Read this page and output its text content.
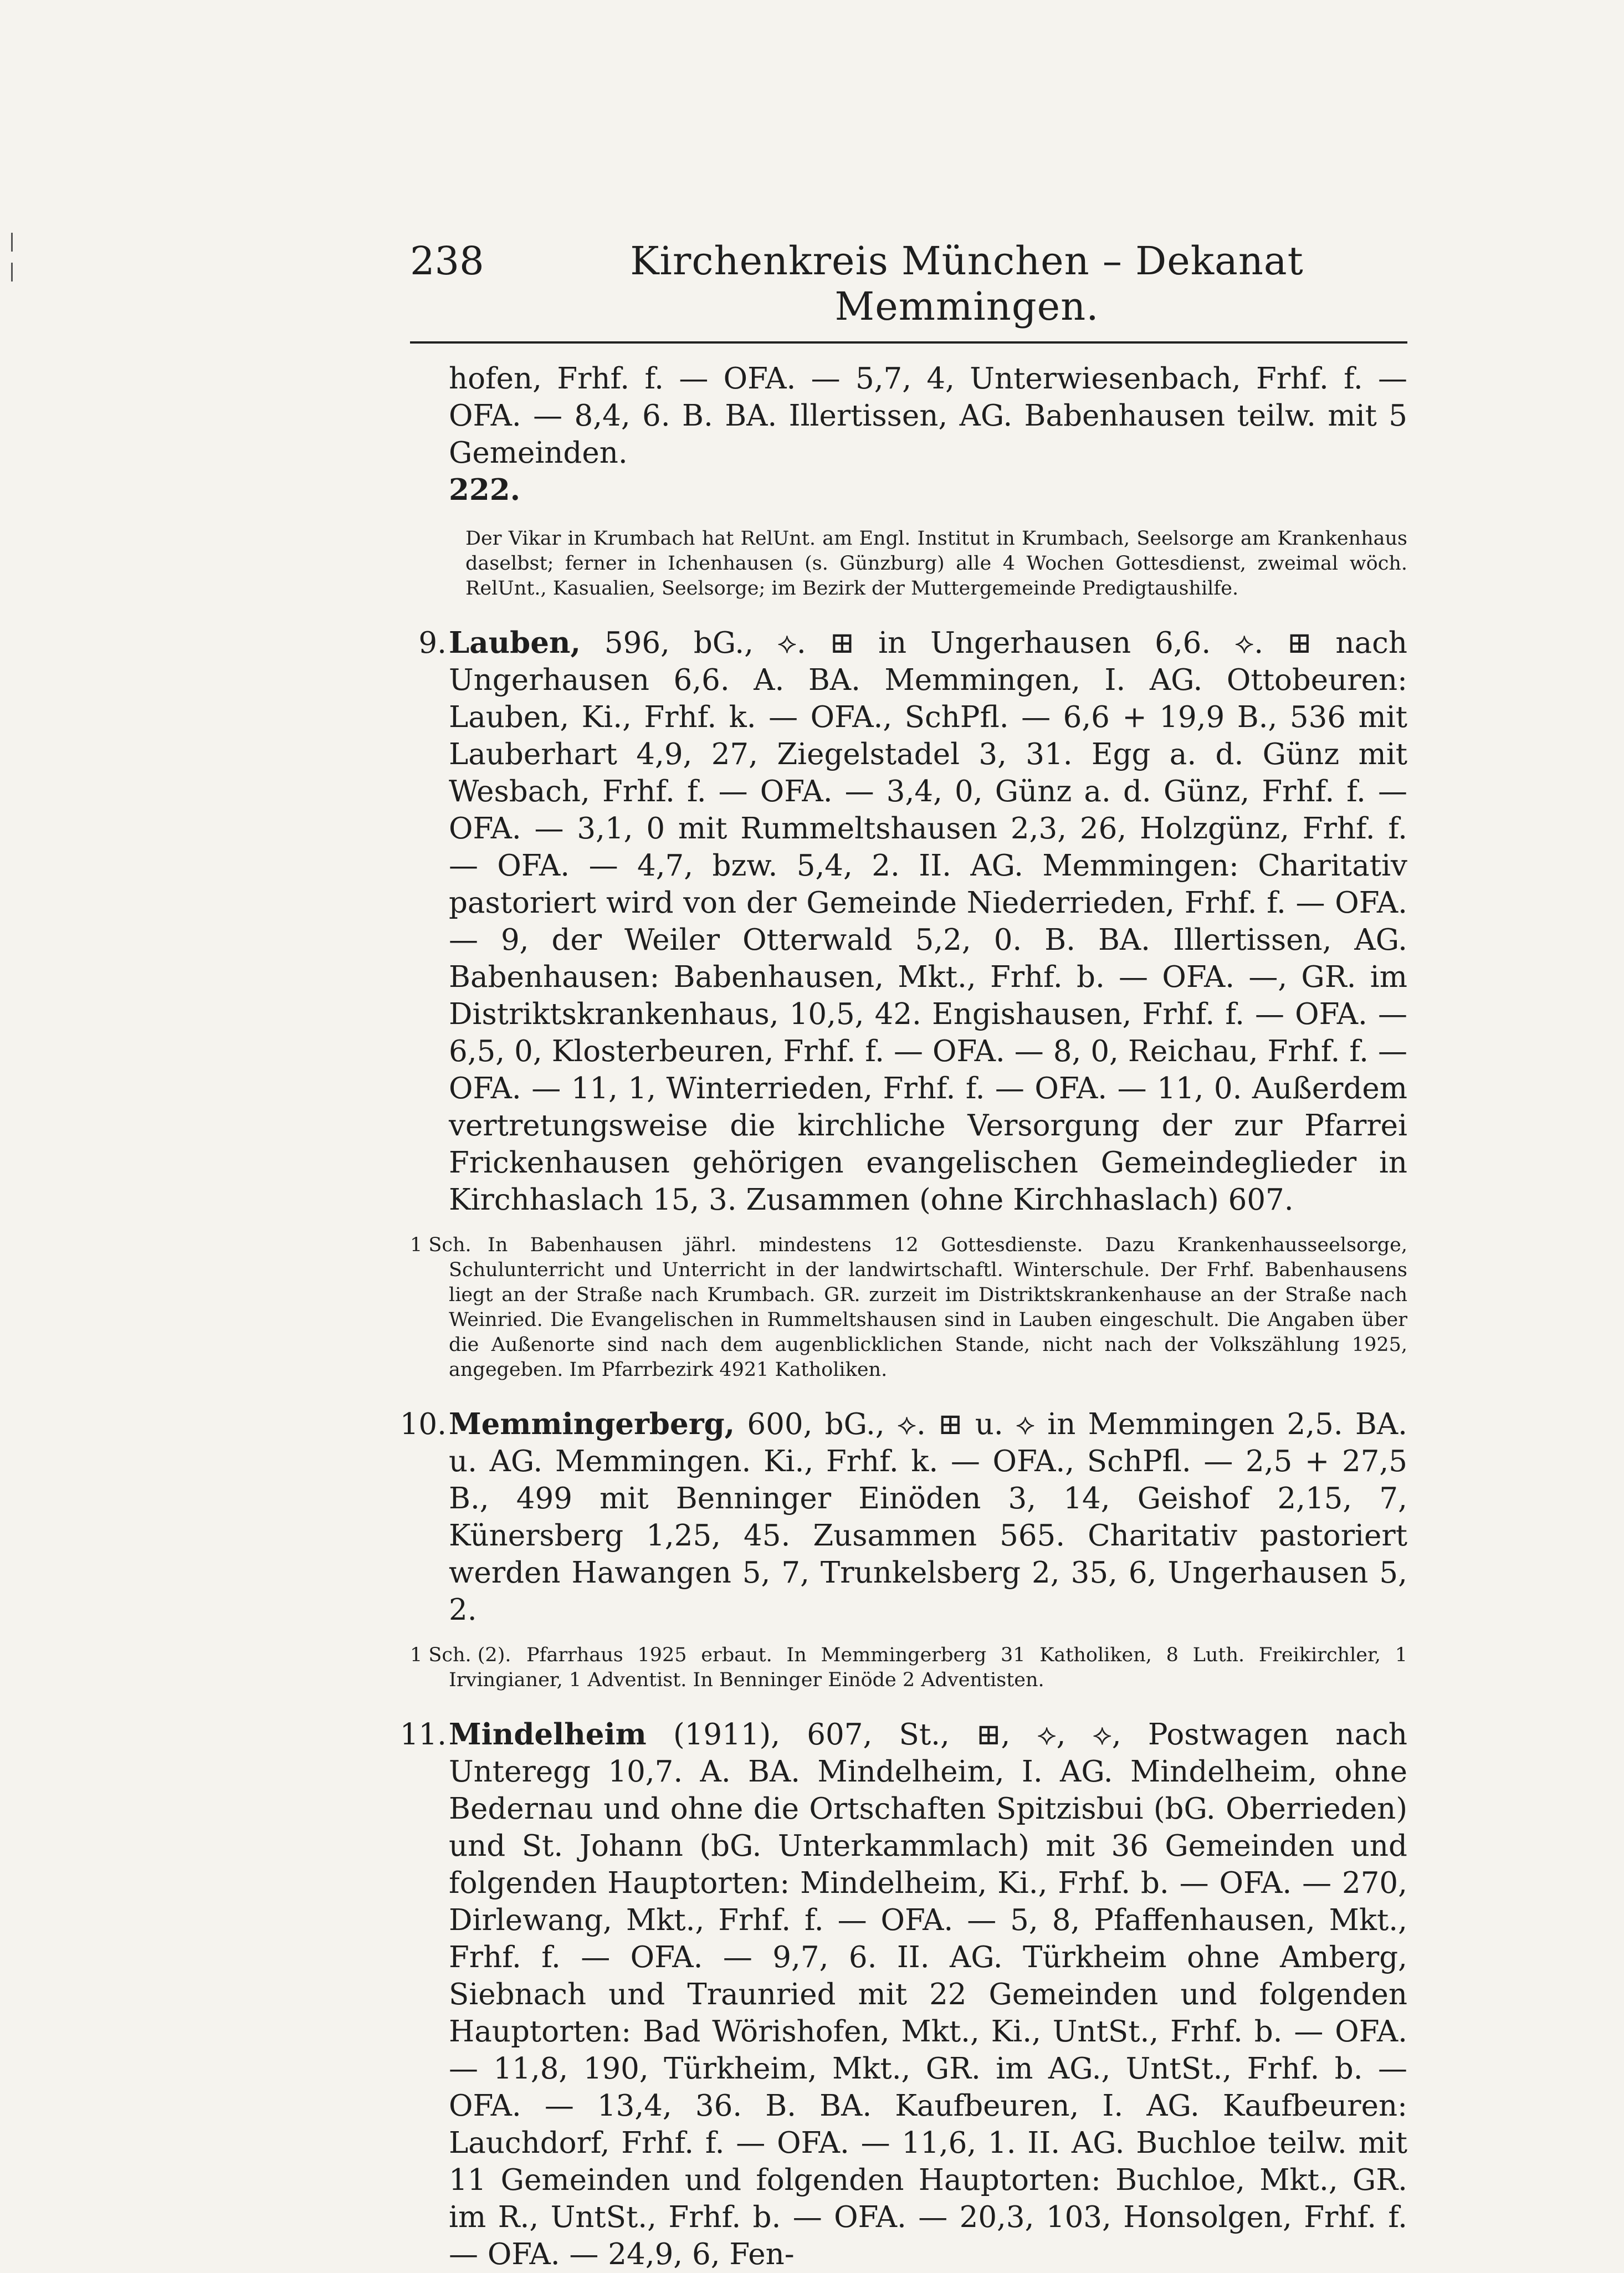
238	Kirchenkreis München – Dekanat Memmingen.
hofen, Frhf. f. — OFA. — 5,7, 4, Unterwiesenbach, Frhf. f. — OFA. — 8,4, 6. B. BA. Illertissen, AG. Babenhausen teilw. mit 5 Gemeinden.
222.
Der Vikar in Krumbach hat RelUnt. am Engl. Institut in Krumbach, Seelsorge am Krankenhaus daselbst; ferner in Ichenhausen (s. Günzburg) alle 4 Wochen Gottesdienst, zweimal wöch. RelUnt., Kasualien, Seelsorge; im Bezirk der Muttergemeinde Predigtaushilfe.
9. Lauben, 596, bG., ⟡. ⊞ in Ungerhausen 6,6. ⟡. ⊞ nach Ungerhausen 6,6. A. BA. Memmingen, I. AG. Ottobeuren: Lauben, Ki., Frhf. k. — OFA., SchPfl. — 6,6 + 19,9 B., 536 mit Lauberhart 4,9, 27, Ziegelstadel 3, 31. Egg a. d. Günz mit Wesbach, Frhf. f. — OFA. — 3,4, 0, Günz a. d. Günz, Frhf. f. — OFA. — 3,1, 0 mit Rummeltshausen 2,3, 26, Holzgünz, Frhf. f. — OFA. — 4,7, bzw. 5,4, 2. II. AG. Memmingen: Charitativ pastoriert wird von der Gemeinde Niederrieden, Frhf. f. — OFA. — 9, der Weiler Otterwald 5,2, 0. B. BA. Illertissen, AG. Babenhausen: Babenhausen, Mkt., Frhf. b. — OFA. —, GR. im Distriktskrankenhaus, 10,5, 42. Engishausen, Frhf. f. — OFA. — 6,5, 0, Klosterbeuren, Frhf. f. — OFA. — 8, 0, Reichau, Frhf. f. — OFA. — 11, 1, Winterrieden, Frhf. f. — OFA. — 11, 0. Außerdem vertretungsweise die kirchliche Versorgung der zur Pfarrei Frickenhausen gehörigen evangelischen Gemeindeglieder in Kirchhaslach 15, 3. Zusammen (ohne Kirchhaslach) 607.
1 Sch. In Babenhausen jährl. mindestens 12 Gottesdienste. Dazu Krankenhausseelsorge, Schulunterricht und Unterricht in der landwirtschaftl. Winterschule. Der Frhf. Babenhausens liegt an der Straße nach Krumbach. GR. zurzeit im Distriktskrankenhause an der Straße nach Weinried. Die Evangelischen in Rummeltshausen sind in Lauben eingeschult. Die Angaben über die Außenorte sind nach dem augenblicklichen Stande, nicht nach der Volkszählung 1925, angegeben. Im Pfarrbezirk 4921 Katholiken.
10. Memmingerberg, 600, bG., ⟡. ⊞ u. ⟡ in Memmingen 2,5. BA. u. AG. Memmingen. Ki., Frhf. k. — OFA., SchPfl. — 2,5 + 27,5 B., 499 mit Benninger Einöden 3, 14, Geishof 2,15, 7, Künersberg 1,25, 45. Zusammen 565. Charitativ pastoriert werden Hawangen 5, 7, Trunkelsberg 2, 35, 6, Ungerhausen 5, 2.
1 Sch. (2). Pfarrhaus 1925 erbaut. In Memmingerberg 31 Katholiken, 8 Luth. Freikirchler, 1 Irvingianer, 1 Adventist. In Benninger Einöde 2 Adventisten.
11. Mindelheim (1911), 607, St., ⊞, ⟡, ⟡, Postwagen nach Unteregg 10,7. A. BA. Mindelheim, I. AG. Mindelheim, ohne Bedernau und ohne die Ortschaften Spitzisbui (bG. Oberrieden) und St. Johann (bG. Unterkammlach) mit 36 Gemeinden und folgenden Hauptorten: Mindelheim, Ki., Frhf. b. — OFA. — 270, Dirlewang, Mkt., Frhf. f. — OFA. — 5, 8, Pfaffenhausen, Mkt., Frhf. f. — OFA. — 9,7, 6. II. AG. Türkheim ohne Amberg, Siebnach und Traunried mit 22 Gemeinden und folgenden Hauptorten: Bad Wörishofen, Mkt., Ki., UntSt., Frhf. b. — OFA. — 11,8, 190, Türkheim, Mkt., GR. im AG., UntSt., Frhf. b. — OFA. — 13,4, 36. B. BA. Kaufbeuren, I. AG. Kaufbeuren: Lauchdorf, Frhf. f. — OFA. — 11,6, 1. II. AG. Buchloe teilw. mit 11 Gemeinden und folgenden Hauptorten: Buchloe, Mkt., GR. im R., UntSt., Frhf. b. — OFA. — 20,3, 103, Honsolgen, Frhf. f. — OFA. — 24,9, 6, Fen-
